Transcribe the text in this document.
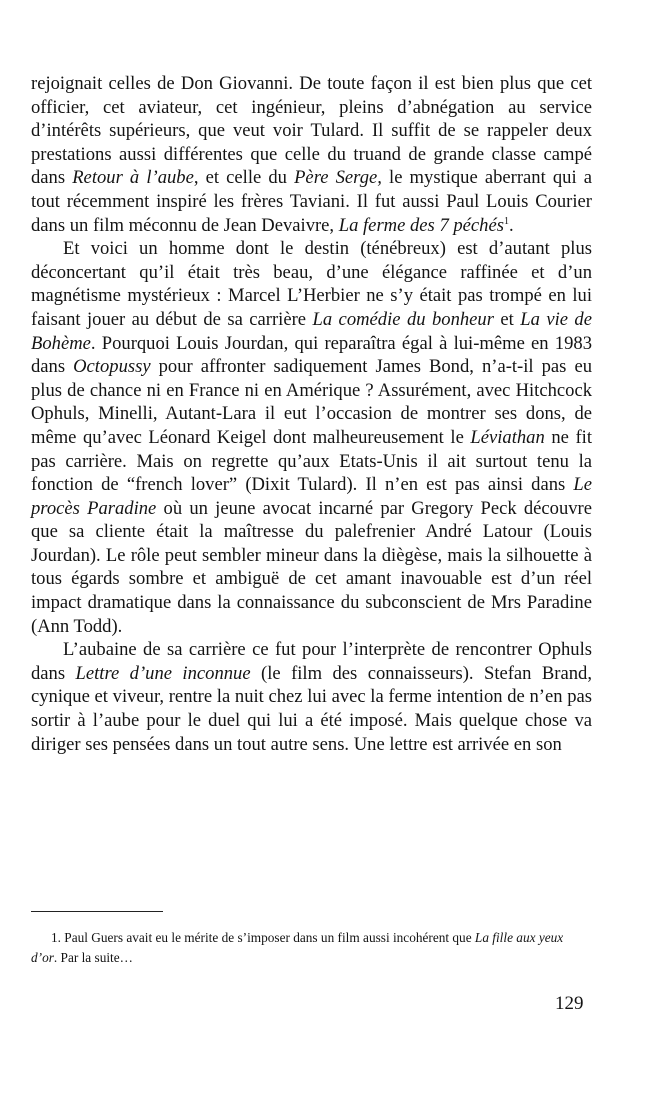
rejoignait celles de Don Giovanni. De toute façon il est bien plus que cet officier, cet aviateur, cet ingénieur, pleins d’abnégation au service d’intérêts supérieurs, que veut voir Tulard. Il suffit de se rappeler deux prestations aussi différentes que celle du truand de grande classe campé dans Retour à l’aube, et celle du Père Serge, le mystique aberrant qui a tout récemment inspiré les frères Taviani. Il fut aussi Paul Louis Courier dans un film méconnu de Jean Devaivre, La ferme des 7 péchés$^1$.

Et voici un homme dont le destin (ténébreux) est d’autant plus déconcertant qu’il était très beau, d’une élégance raffinée et d’un magnétisme mystérieux : Marcel L’Herbier ne s’y était pas trompé en lui faisant jouer au début de sa carrière La comédie du bonheur et La vie de Bohème. Pourquoi Louis Jourdan, qui reparaîtra égal à lui-même en 1983 dans Octopussy pour affronter sadiquement James Bond, n’a-t-il pas eu plus de chance ni en France ni en Amérique ? Assurément, avec Hitchcock Ophuls, Minelli, Autant-Lara il eut l’occasion de montrer ses dons, de même qu’avec Léonard Keigel dont malheureusement le Léviathan ne fit pas carrière. Mais on regrette qu’aux Etats-Unis il ait surtout tenu la fonction de “french lover” (Dixit Tulard). Il n’en est pas ainsi dans Le procès Paradine où un jeune avocat incarné par Gregory Peck découvre que sa cliente était la maîtresse du palefrenier André Latour (Louis Jourdan). Le rôle peut sembler mineur dans la diègèse, mais la silhouette à tous égards sombre et ambiguë de cet amant inavouable est d’un réel impact dramatique dans la connaissance du subconscient de Mrs Paradine (Ann Todd).

L’aubaine de sa carrière ce fut pour l’interprète de rencontrer Ophuls dans Lettre d’une inconnue (le film des connaisseurs). Stefan Brand, cynique et viveur, rentre la nuit chez lui avec la ferme intention de n’en pas sortir à l’aube pour le duel qui lui a été imposé. Mais quelque chose va diriger ses pensées dans un tout autre sens. Une lettre est arrivée en son

1. Paul Guers avait eu le mérite de s’imposer dans un film aussi incohérent que La fille aux yeux d’or. Par la suite…
129
